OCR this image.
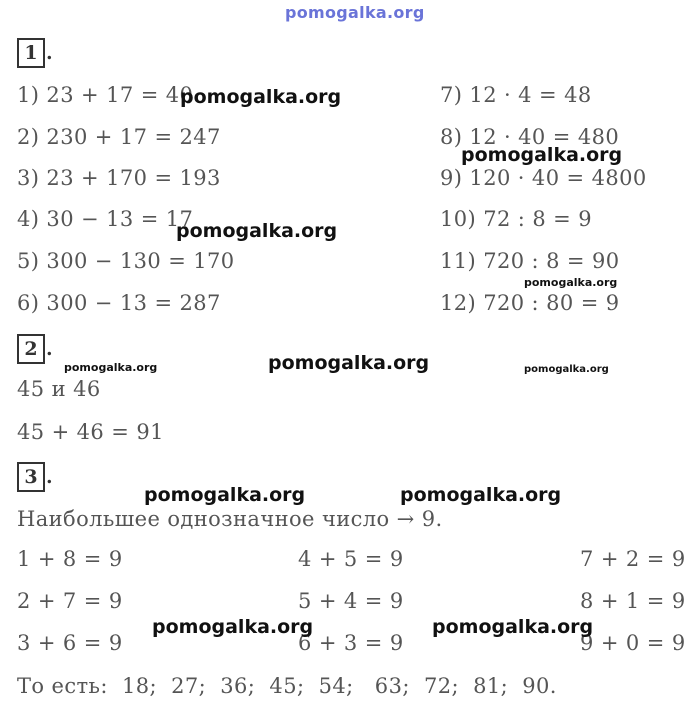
pomogalka.org
1 .
1) 23 + 17 = 40
2) 230 + 17 = 247
3) 23 + 170 = 193
4) 30 − 13 = 17
5) 300 − 130 = 170
6) 300 − 13 = 287
7) 12 · 4 = 48
8) 12 · 40 = 480
9) 120 · 40 = 4800
10) 72 : 8 = 9
11) 720 : 8 = 90
12) 720 : 80 = 9
2 .
45 и 46
45 + 46 = 91
3 .
Наибольшее однозначное число → 9.
1 + 8 = 9
2 + 7 = 9
3 + 6 = 9
4 + 5 = 9
5 + 4 = 9
6 + 3 = 9
7 + 2 = 9
8 + 1 = 9
9 + 0 = 9
То есть:  18;  27;  36;  45;  54;   63;  72;  81;  90.
pomogalka.org
pomogalka.org
pomogalka.org
pomogalka.org
pomogalka.org	pomogalka.org	pomogalka.org
pomogalka.org	pomogalka.org
pomogalka.org	pomogalka.org
